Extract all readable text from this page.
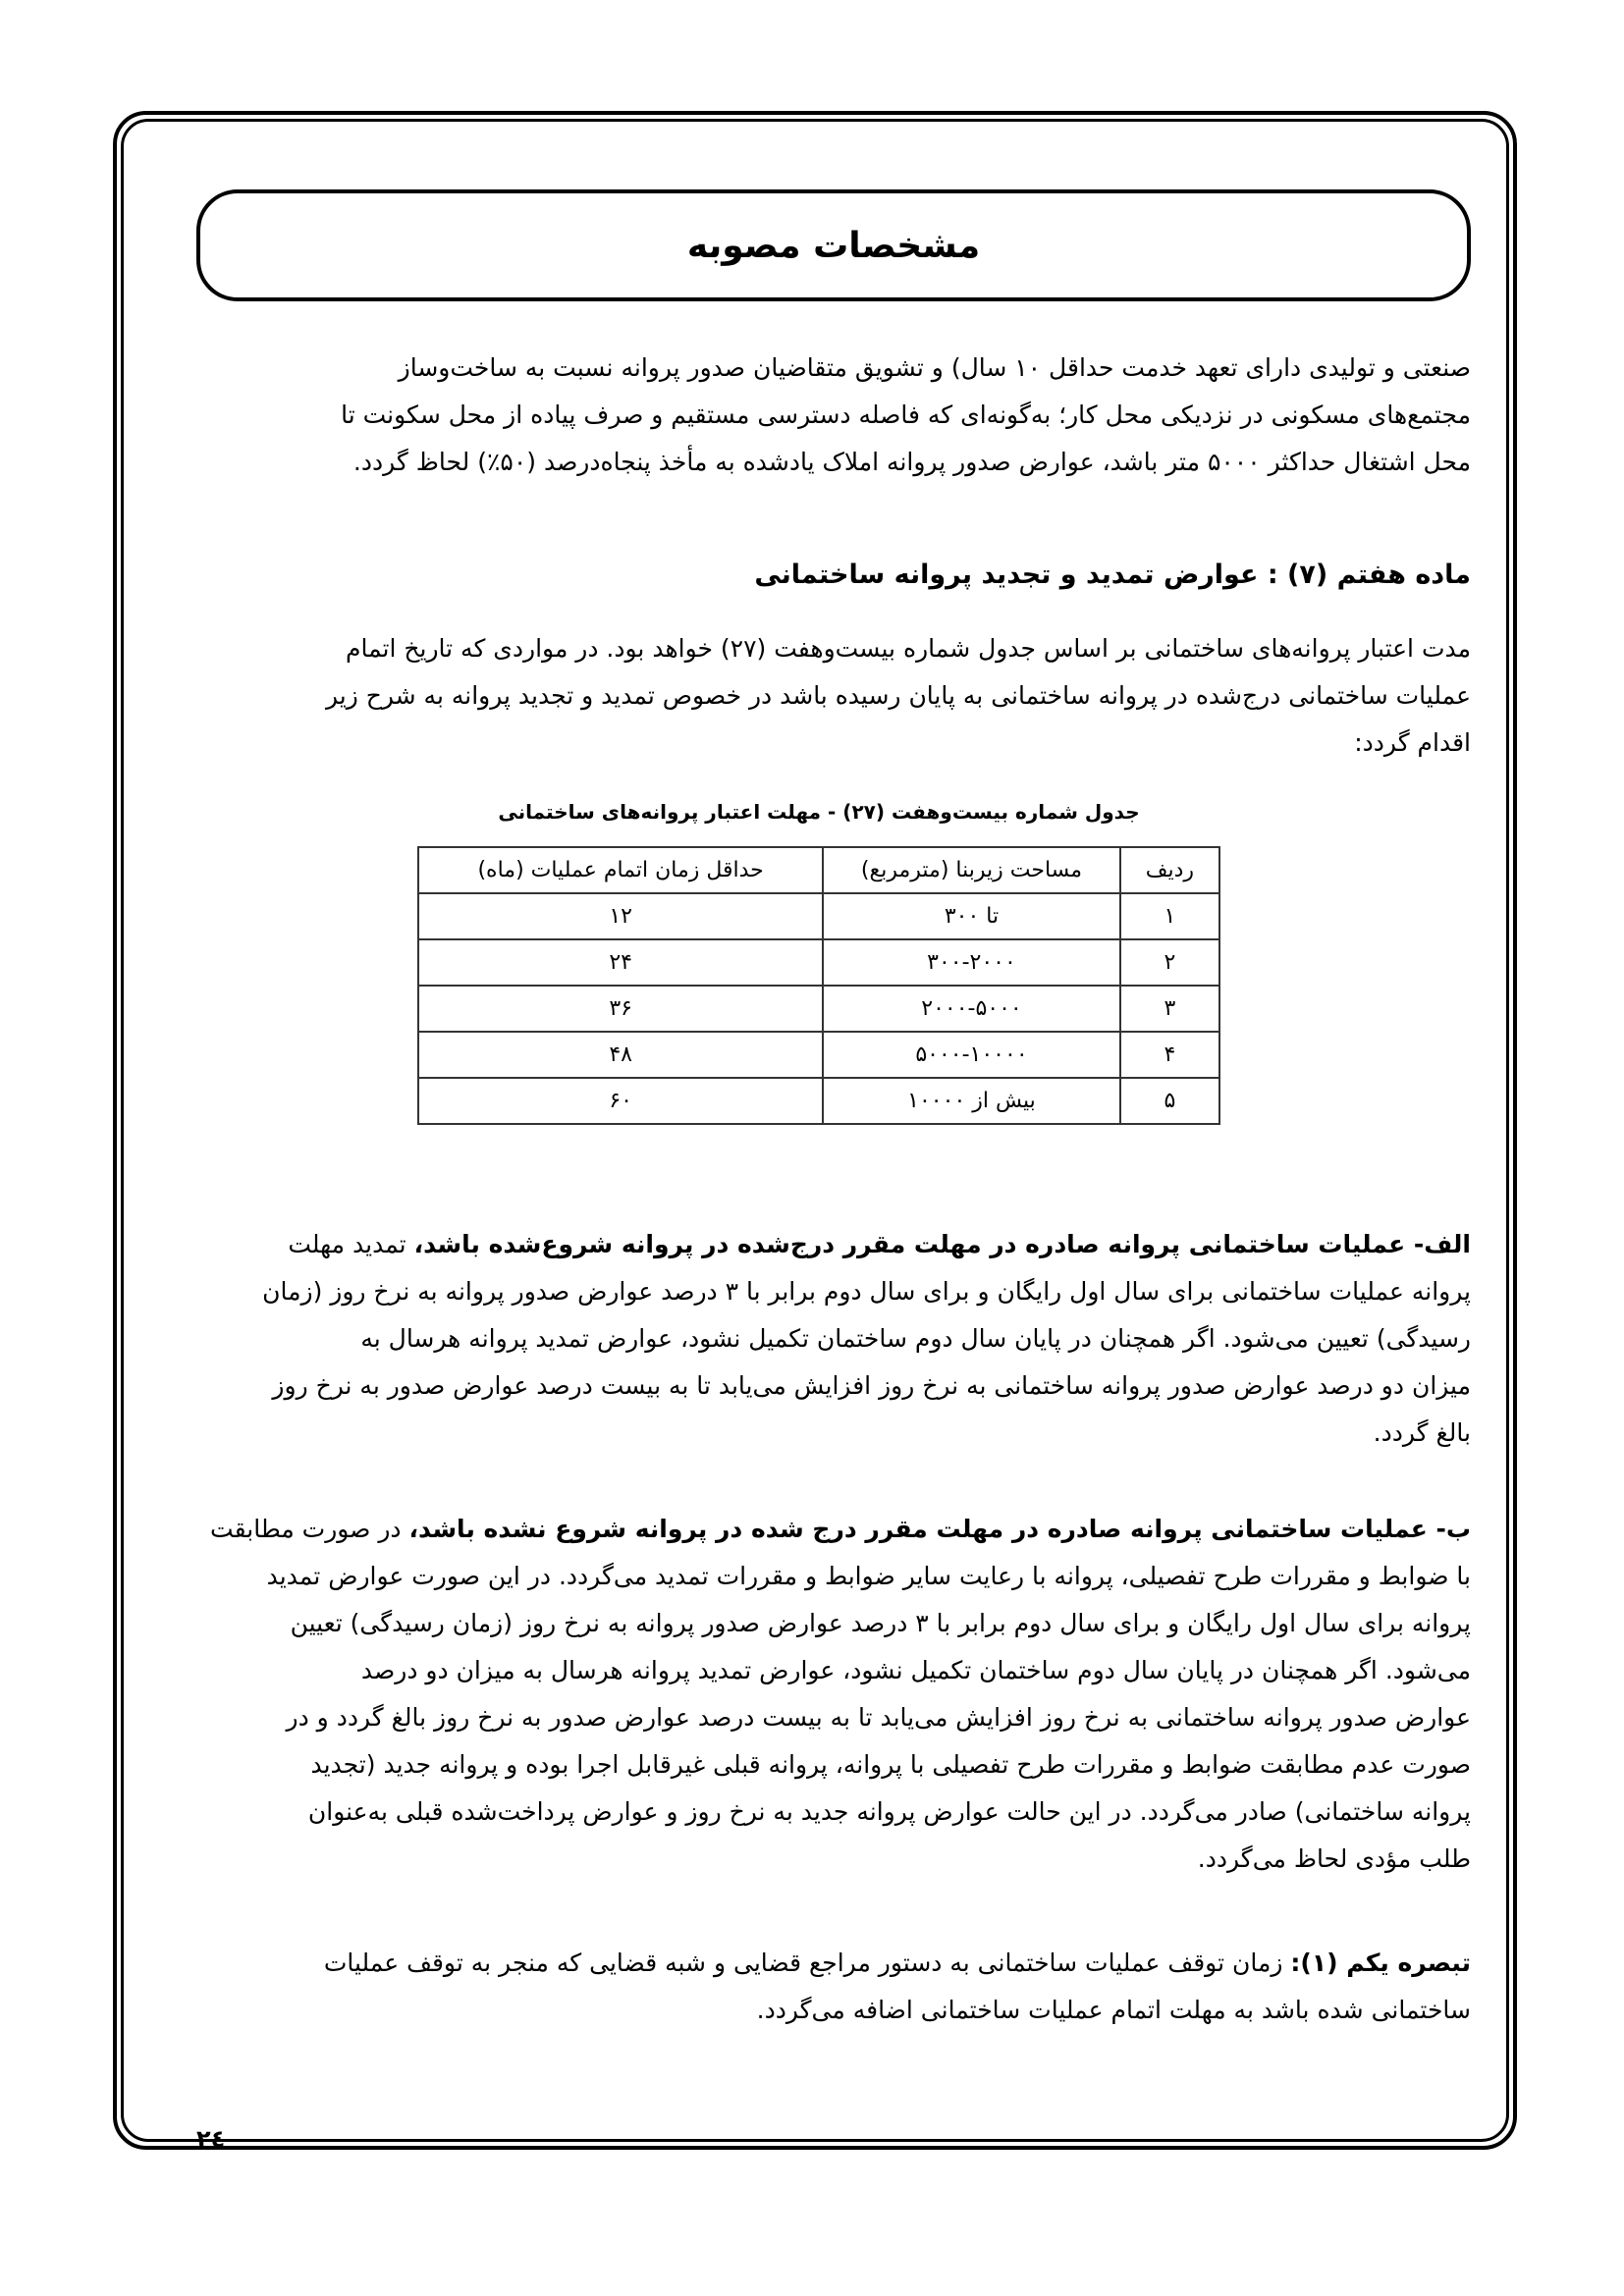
مشخصات مصوبه

صنعتی و تولیدی دارای تعهد خدمت حداقل ۱۰ سال) و تشویق متقاضیان صدور پروانه نسبت به ساخت‌وساز

مجتمع‌های مسکونی در نزدیکی محل کار؛ به‌گونه‌ای که فاصله دسترسی مستقیم و صرف پیاده از محل سکونت تا

محل اشتغال حداکثر ۵۰۰۰ متر باشد، عوارض صدور پروانه املاک یادشده به مأخذ پنجاه‌درصد (۵۰٪) لحاظ گردد.

ماده هفتم (۷) : عوارض تمدید و تجدید پروانه ساختمانی

مدت اعتبار پروانه‌های ساختمانی بر اساس جدول شماره بیست‌وهفت (۲۷) خواهد بود. در مواردی که تاریخ اتمام

عملیات ساختمانی درج‌شده در پروانه ساختمانی به پایان رسیده باشد در خصوص تمدید و تجدید پروانه به شرح زیر

اقدام گردد:

جدول شماره بیست‌وهفت (۲۷) - مهلت اعتبار پروانه‌های ساختمانی
ردیف	مساحت زیربنا (مترمربع)	حداقل زمان اتمام عملیات (ماه)
۱	تا ۳۰۰	۱۲
۲	۳۰۰-۲۰۰۰	۲۴
۳	۲۰۰۰-۵۰۰۰	۳۶
۴	۵۰۰۰-۱۰۰۰۰	۴۸
۵	بیش از ۱۰۰۰۰	۶۰

الف- عملیات ساختمانی پروانه صادره در مهلت مقرر درج‌شده در پروانه شروع‌شده باشد، تمدید مهلت

پروانه عملیات ساختمانی برای سال اول رایگان و برای سال دوم برابر با ۳ درصد عوارض صدور پروانه به نرخ روز (زمان

رسیدگی) تعیین می‌شود. اگر همچنان در پایان سال دوم ساختمان تکمیل نشود، عوارض تمدید پروانه هرسال به

میزان دو درصد عوارض صدور پروانه ساختمانی به نرخ روز افزایش می‌یابد تا به بیست درصد عوارض صدور به نرخ روز

بالغ گردد.

ب- عملیات ساختمانی پروانه صادره در مهلت مقرر درج شده در پروانه شروع نشده باشد، در صورت مطابقت

با ضوابط و مقررات طرح تفصیلی، پروانه با رعایت سایر ضوابط و مقررات تمدید می‌گردد. در این صورت عوارض تمدید

پروانه برای سال اول رایگان و برای سال دوم برابر با ۳ درصد عوارض صدور پروانه به نرخ روز (زمان رسیدگی) تعیین

می‌شود. اگر همچنان در پایان سال دوم ساختمان تکمیل نشود، عوارض تمدید پروانه هرسال به میزان دو درصد

عوارض صدور پروانه ساختمانی به نرخ روز افزایش می‌یابد تا به بیست درصد عوارض صدور به نرخ روز بالغ گردد و در

صورت عدم مطابقت ضوابط و مقررات طرح تفصیلی با پروانه، پروانه قبلی غیرقابل اجرا بوده و پروانه جدید (تجدید

پروانه ساختمانی) صادر می‌گردد. در این حالت عوارض پروانه جدید به نرخ روز و عوارض پرداخت‌شده قبلی به‌عنوان

طلب مؤدی لحاظ می‌گردد.

تبصره یکم (۱): زمان توقف عملیات ساختمانی به دستور مراجع قضایی و شبه قضایی که منجر به توقف عملیات

ساختمانی شده باشد به مهلت اتمام عملیات ساختمانی اضافه می‌گردد.

۲٤
